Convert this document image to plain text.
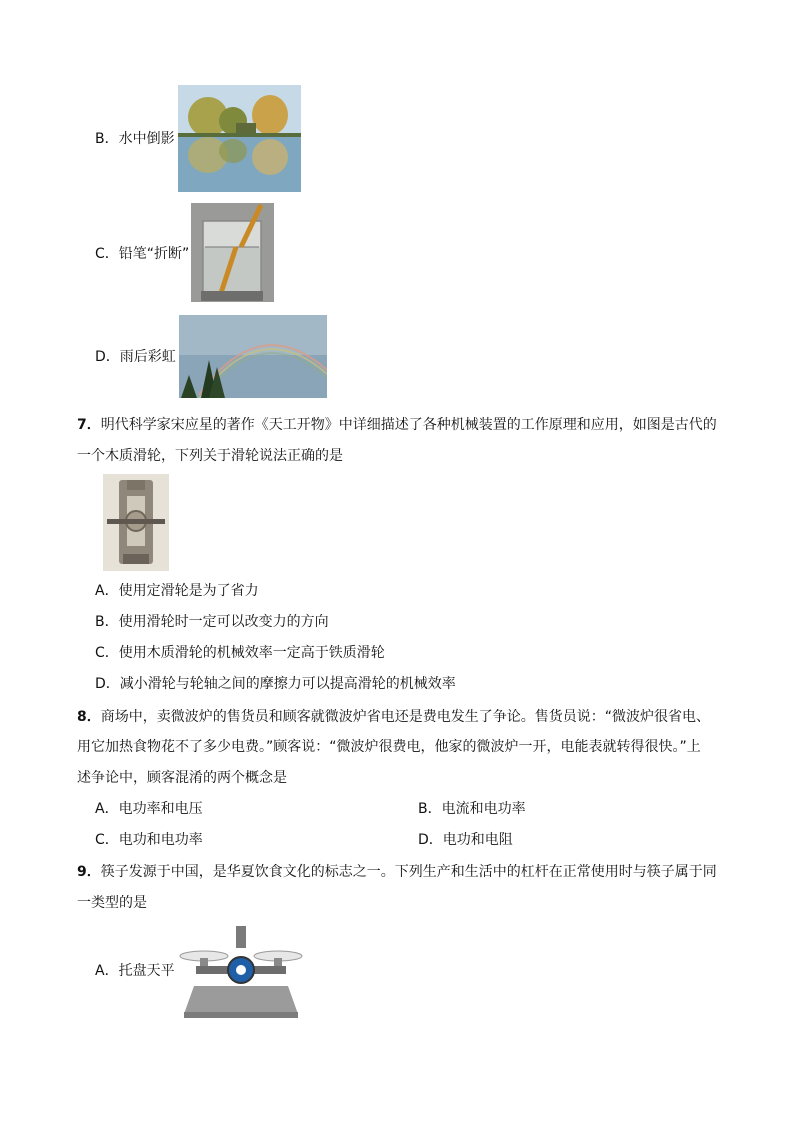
B．水中倒影
C．铅笔“折断”
D．雨后彩虹
7．明代科学家宋应星的著作《天工开物》中详细描述了各种机械装置的工作原理和应用，如图是古代的
一个木质滑轮，下列关于滑轮说法正确的是
A．使用定滑轮是为了省力
B．使用滑轮时一定可以改变力的方向
C．使用木质滑轮的机械效率一定高于铁质滑轮
D．减小滑轮与轮轴之间的摩擦力可以提高滑轮的机械效率
8．商场中，卖微波炉的售货员和顾客就微波炉省电还是费电发生了争论。售货员说：“微波炉很省电、
用它加热食物花不了多少电费。”顾客说：“微波炉很费电，他家的微波炉一开，电能表就转得很快。”上
述争论中，顾客混淆的两个概念是
A．电功率和电压	B．电流和电功率
C．电功和电功率	D．电功和电阻
9．筷子发源于中国，是华夏饮食文化的标志之一。下列生产和生活中的杠杆在正常使用时与筷子属于同
一类型的是
A．托盘天平
